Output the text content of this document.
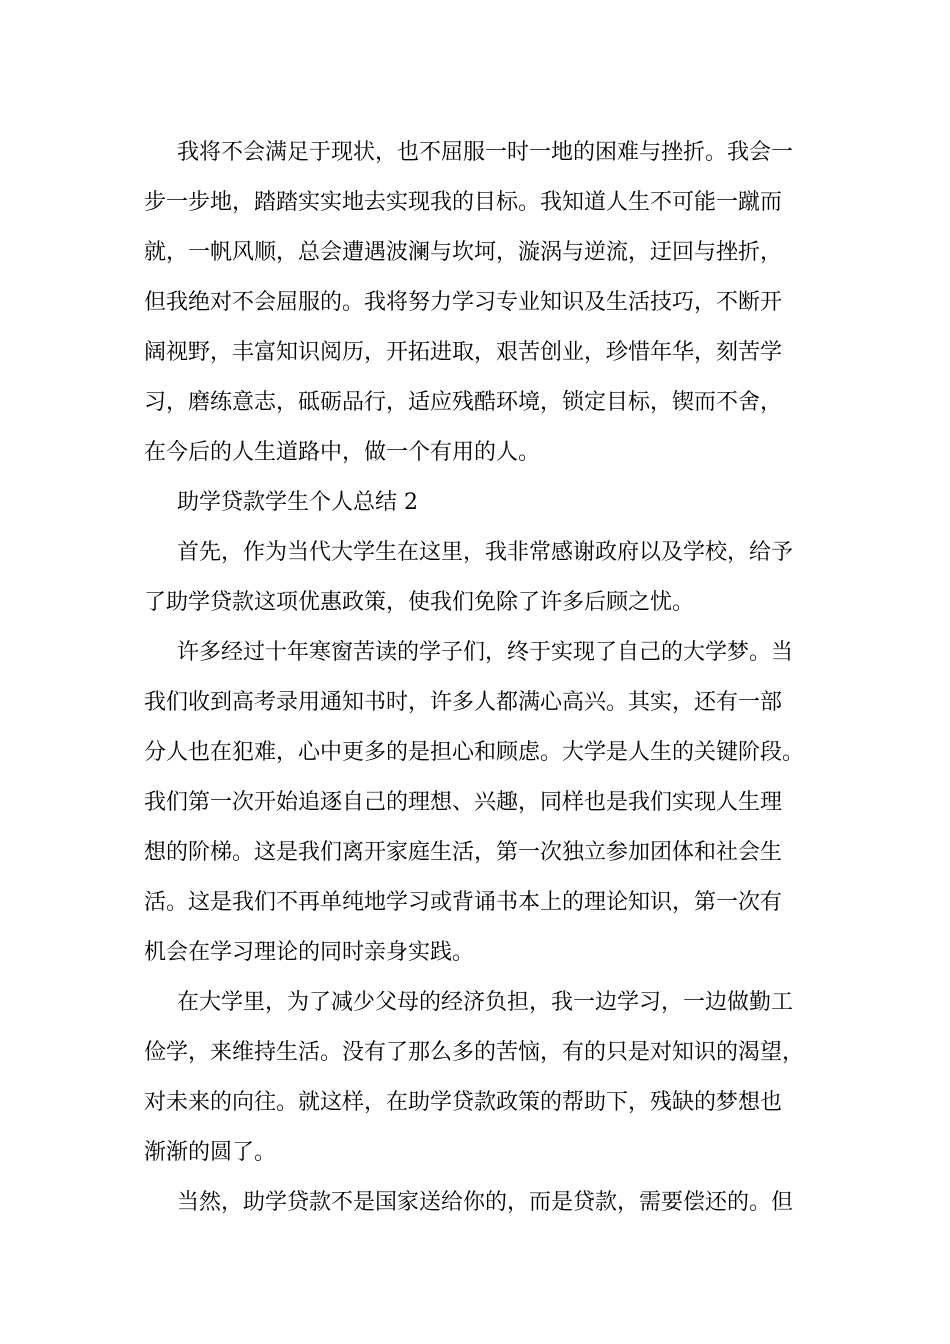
我将不会满足于现状，也不屈服一时一地的困难与挫折。我会一
步一步地，踏踏实实地去实现我的目标。我知道人生不可能一蹴而
就，一帆风顺，总会遭遇波澜与坎坷，漩涡与逆流，迂回与挫折，
但我绝对不会屈服的。我将努力学习专业知识及生活技巧，不断开
阔视野，丰富知识阅历，开拓进取，艰苦创业，珍惜年华，刻苦学
习，磨练意志，砥砺品行，适应残酷环境，锁定目标，锲而不舍，
在今后的人生道路中，做一个有用的人。
助学贷款学生个人总结 2
首先，作为当代大学生在这里，我非常感谢政府以及学校，给予
了助学贷款这项优惠政策，使我们免除了许多后顾之忧。
许多经过十年寒窗苦读的学子们，终于实现了自己的大学梦。当
我们收到高考录用通知书时，许多人都满心高兴。其实，还有一部
分人也在犯难，心中更多的是担心和顾虑。大学是人生的关键阶段。
我们第一次开始追逐自己的理想、兴趣，同样也是我们实现人生理
想的阶梯。这是我们离开家庭生活，第一次独立参加团体和社会生
活。这是我们不再单纯地学习或背诵书本上的理论知识，第一次有
机会在学习理论的同时亲身实践。
在大学里，为了减少父母的经济负担，我一边学习，一边做勤工
俭学，来维持生活。没有了那么多的苦恼，有的只是对知识的渴望，
对未来的向往。就这样，在助学贷款政策的帮助下，残缺的梦想也
渐渐的圆了。
当然，助学贷款不是国家送给你的，而是贷款，需要偿还的。但
